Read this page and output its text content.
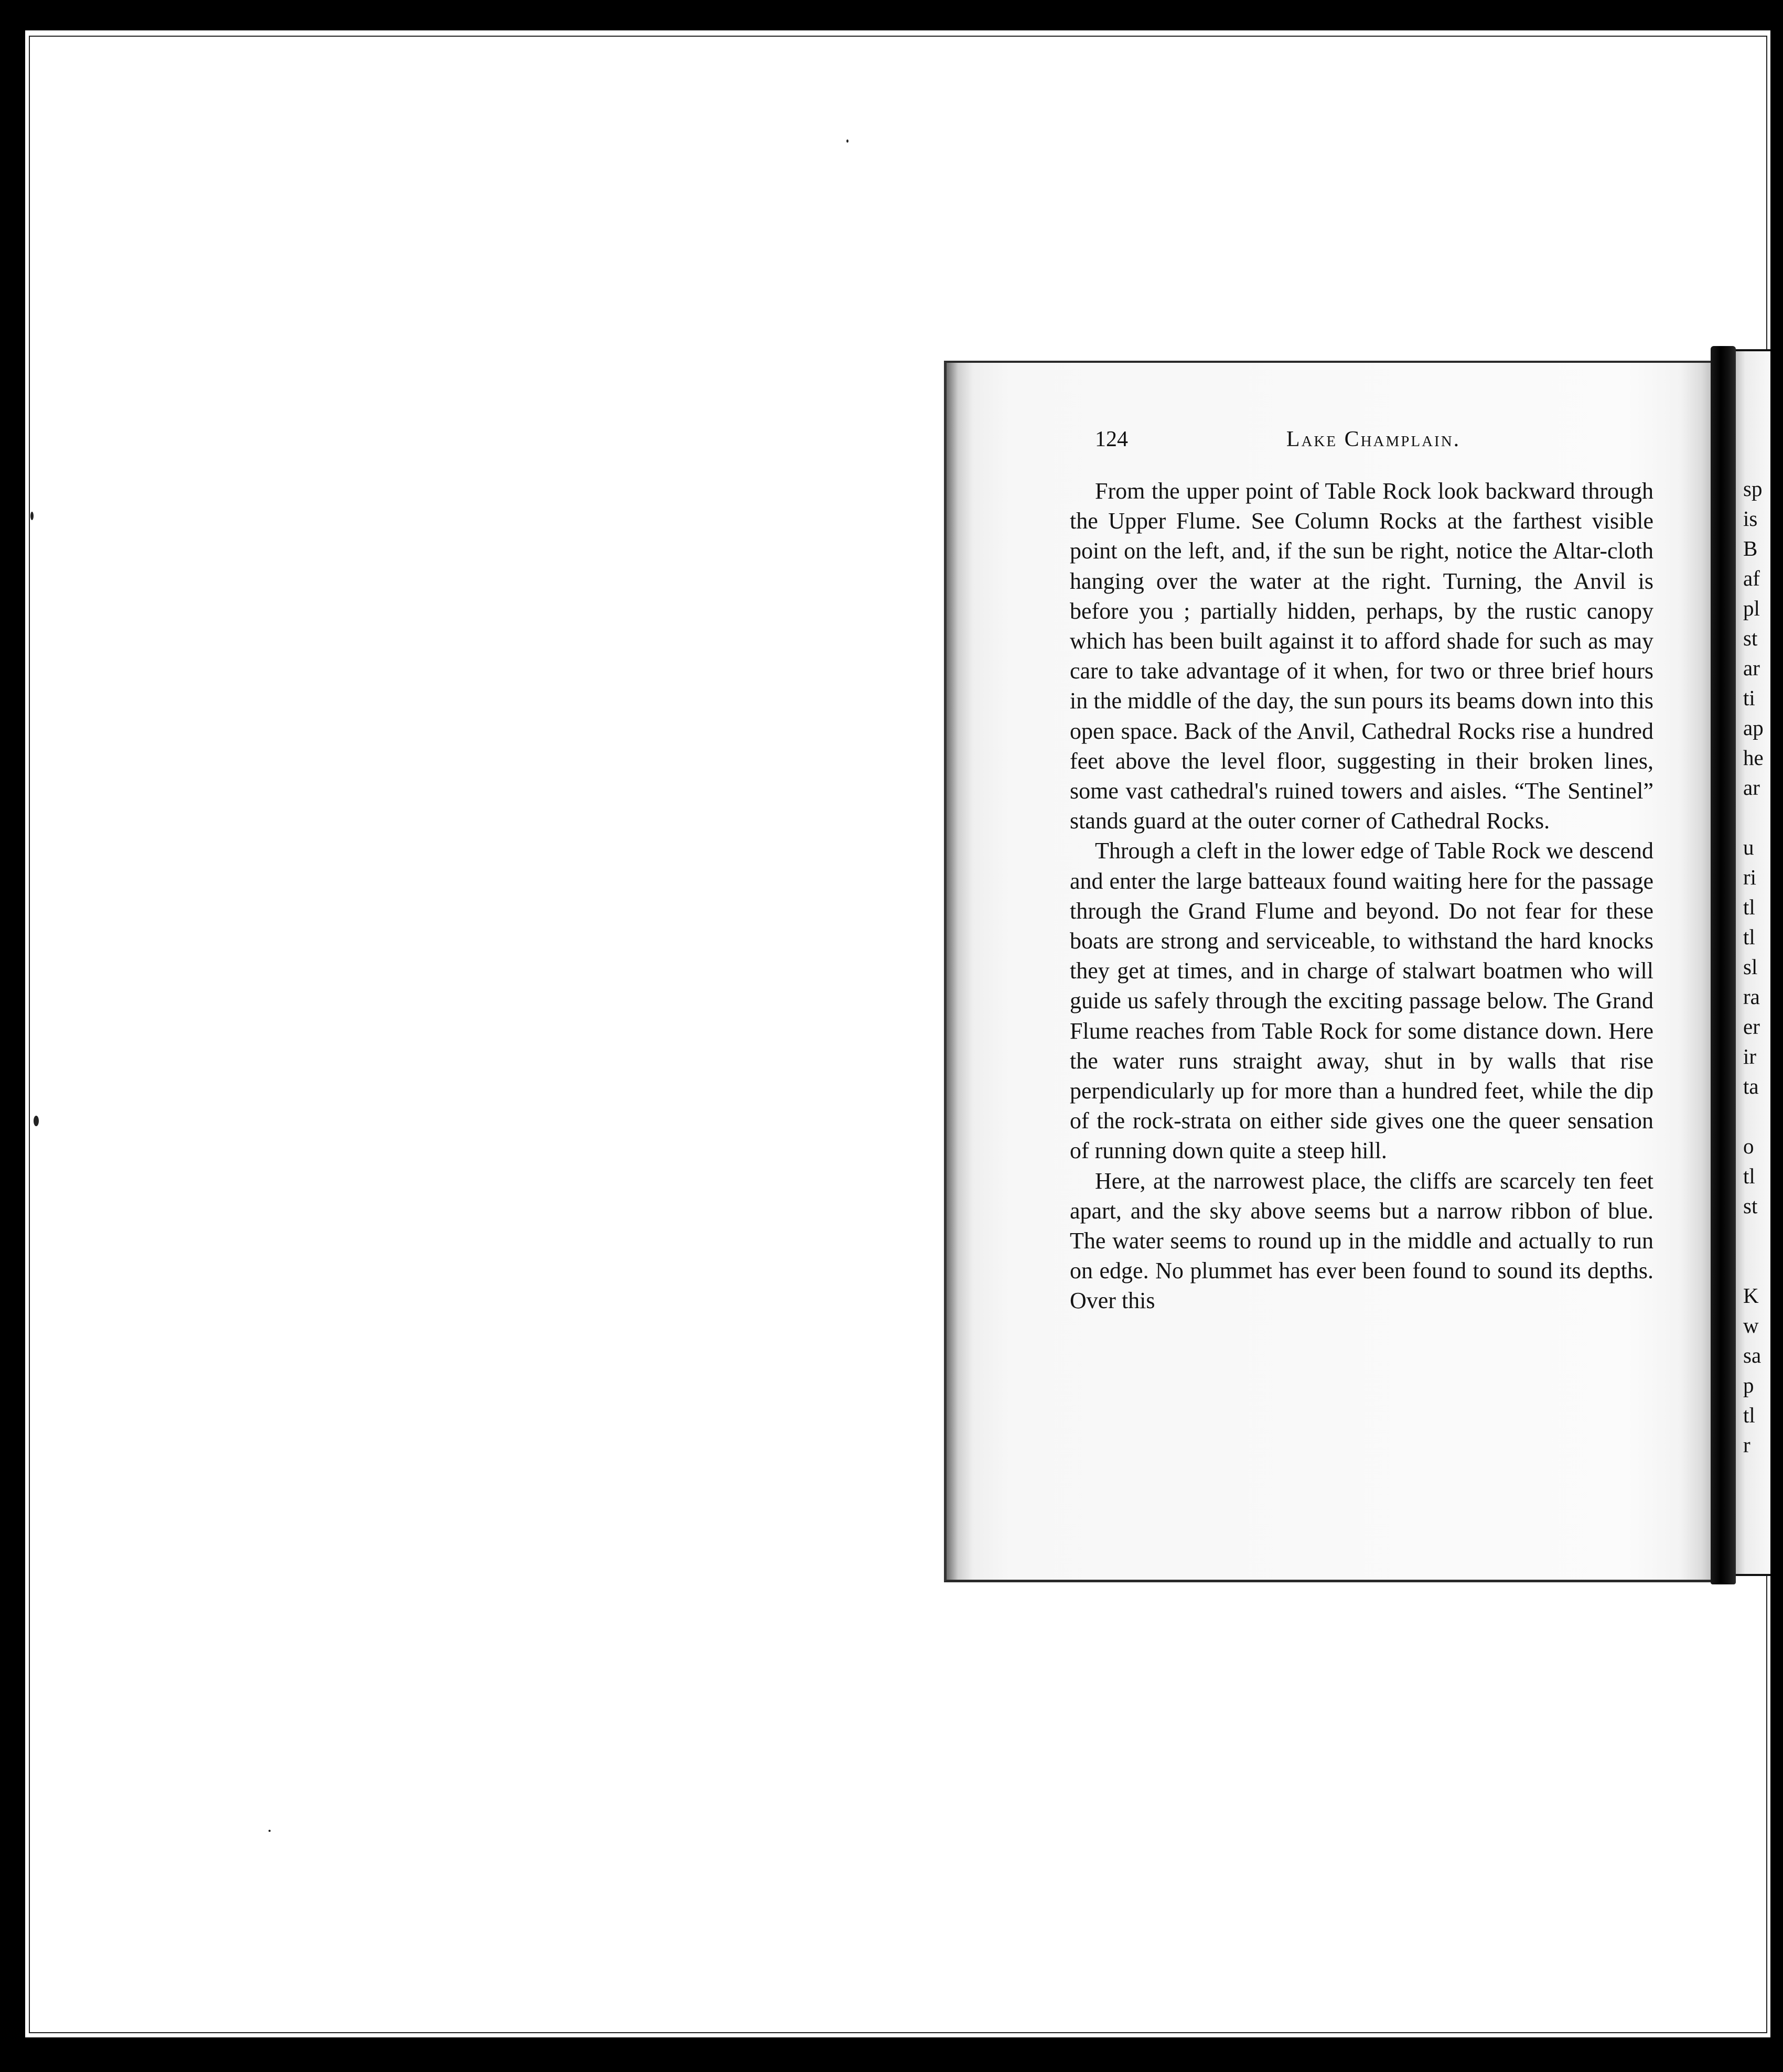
sp

is

B

af

pl

st

ar

ti

ap

he

ar

u

ri

tl

tl

sl

ra

er

ir

ta

o

tl

st

K

w

sa

p

tl

r

124	Lake Champlain.

From the upper point of Table Rock look backward through the Upper Flume. See Column Rocks at the farthest visible point on the left, and, if the sun be right, notice the Altar-cloth hanging over the water at the right. Turning, the Anvil is before you ; partially hidden, perhaps, by the rustic canopy which has been built against it to afford shade for such as may care to take advantage of it when, for two or three brief hours in the middle of the day, the sun pours its beams down into this open space. Back of the Anvil, Cathedral Rocks rise a hundred feet above the level floor, suggesting in their broken lines, some vast cathedral's ruined towers and aisles. “The Sentinel” stands guard at the outer corner of Cathedral Rocks.

Through a cleft in the lower edge of Table Rock we descend and enter the large batteaux found waiting here for the passage through the Grand Flume and beyond. Do not fear for these boats are strong and serviceable, to withstand the hard knocks they get at times, and in charge of stalwart boatmen who will guide us safely through the exciting passage below. The Grand Flume reaches from Table Rock for some distance down. Here the water runs straight away, shut in by walls that rise perpendicularly up for more than a hundred feet, while the dip of the rock-strata on either side gives one the queer sensation of running down quite a steep hill.

Here, at the narrowest place, the cliffs are scarcely ten feet apart, and the sky above seems but a narrow ribbon of blue. The water seems to round up in the middle and actually to run on edge. No plummet has ever been found to sound its depths. Over this
